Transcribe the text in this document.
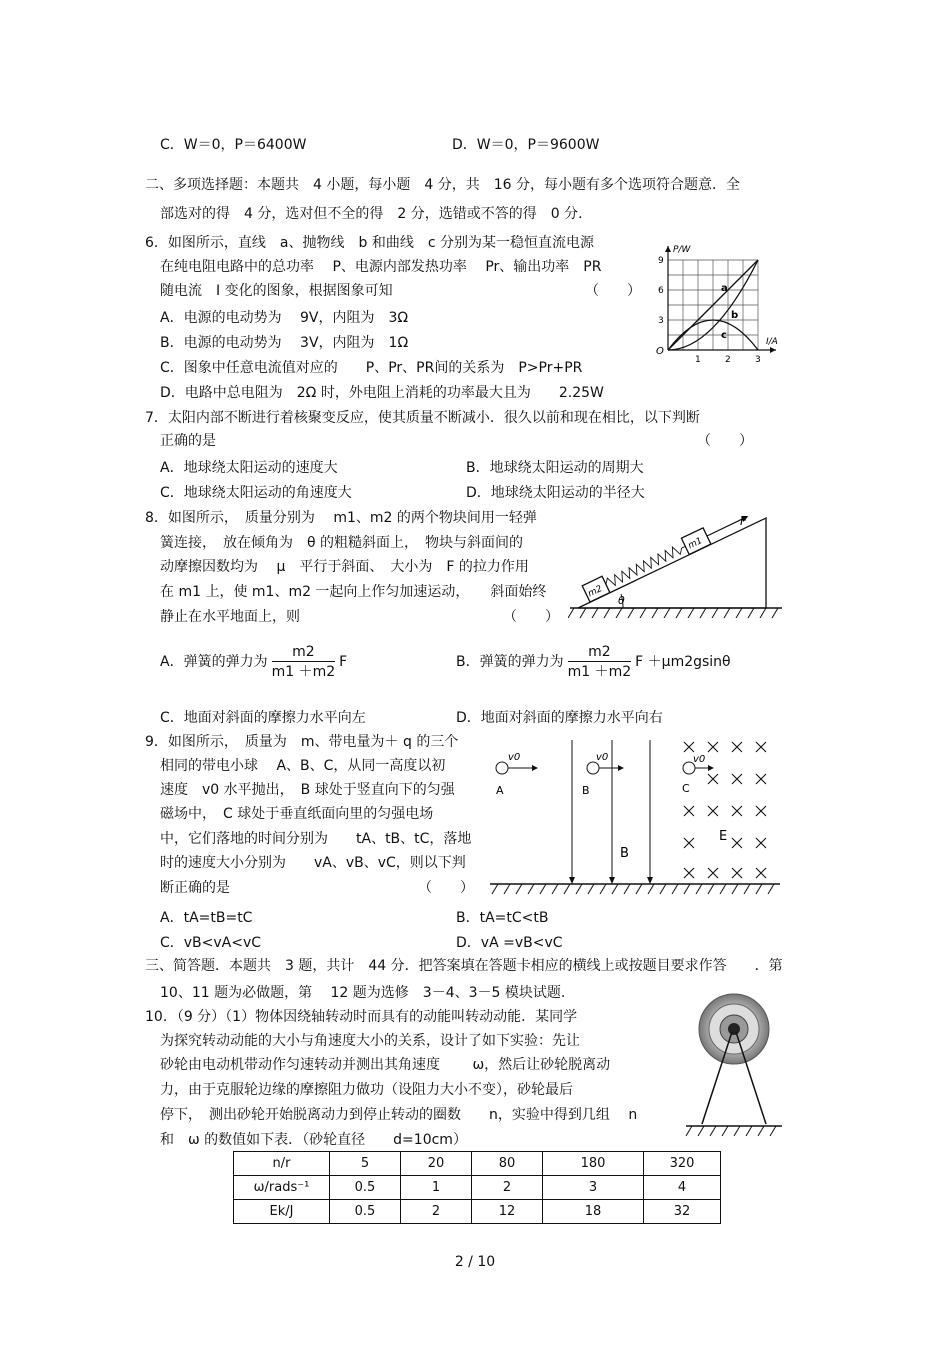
C．W＝0，P＝6400W	D．W＝0，P＝9600W
二、多项选择题：本题共　4 小题，每小题　4 分，共　16 分，每小题有多个选项符合题意．全
部选对的得　4 分，选对但不全的得　2 分，选错或不答的得　0 分.
6．如图所示，直线　a、抛物线　b 和曲线　c 分别为某一稳恒直流电源
在纯电阻电路中的总功率　 P、电源内部发热功率　 Pr、输出功率　PR
随电流　I 变化的图象，根据图象可知	（　　）
A．电源的电动势为　 9V，内阻为　3Ω
B．电源的电动势为　 3V，内阻为　1Ω
C．图象中任意电流值对应的　　P、Pr、PR间的关系为　P>Pr+PR
D．电路中总电阻为　2Ω 时，外电阻上消耗的功率最大且为　　2.25W
P/W
I/A
9
6
3
O
1	2	3
a
b
c
7．太阳内部不断进行着核聚变反应，使其质量不断减小．很久以前和现在相比，以下判断
正确的是	（　　）
A．地球绕太阳运动的速度大	B．地球绕太阳运动的周期大
C．地球绕太阳运动的角速度大	D．地球绕太阳运动的半径大
8．如图所示，　质量分别为　 m1、m2 的两个物块间用一轻弹
簧连接，　放在倾角为　θ 的粗糙斜面上，　物块与斜面间的
动摩擦因数均为　 μ　平行于斜面、　大小为　F 的拉力作用
在 m1 上，使 m1、m2 一起向上作匀加速运动，　　斜面始终
静止在水平地面上，则	（　　）
θ
m2
m1
F
A．弹簧的弹力为 $\frac{m2}{m1 +m2}$ F	B．弹簧的弹力为 $\frac{m2}{m1 +m2}$ F ＋μm2gsinθ
C．地面对斜面的摩擦力水平向左	D．地面对斜面的摩擦力水平向右
9．如图所示，　质量为　m、带电量为＋ q 的三个
相同的带电小球　 A、B、C，从同一高度以初
速度　v0 水平抛出，　B 球处于竖直向下的匀强
磁场中，　C 球处于垂直纸面向里的匀强电场
中，它们落地的时间分别为　　tA、tB、tC，落地
时的速度大小分别为　　vA、vB、vC，则以下判
断正确的是	（　　）
v0
A
v0
B
B
v0
C
E
A．tA=tB=tC	B．tA=tC<tB
C．vB<vA<vC	D．vA =vB<vC
三、简答题．本题共　3 题，共计　44 分．把答案填在答题卡相应的横线上或按题目要求作答　　．第
10、11 题为必做题，第　 12 题为选修　3－4、3－5 模块试题.
10．（9 分）（1）物体因绕轴转动时而具有的动能叫转动动能．某同学
为探究转动动能的大小与角速度大小的关系，设计了如下实验：先让
砂轮由电动机带动作匀速转动并测出其角速度　　 ω，然后让砂轮脱离动
力，由于克服轮边缘的摩擦阻力做功（设阻力大小不变），砂轮最后
停下，　测出砂轮开始脱离动力到停止转动的圈数　　n，实验中得到几组　 n
和　ω 的数值如下表．（砂轮直径　　d=10cm）
n/r	5	20	80	180	320
ω/rads⁻¹	0.5	1	2	3	4
Ek/J	0.5	2	12	18	32
2 / 10
